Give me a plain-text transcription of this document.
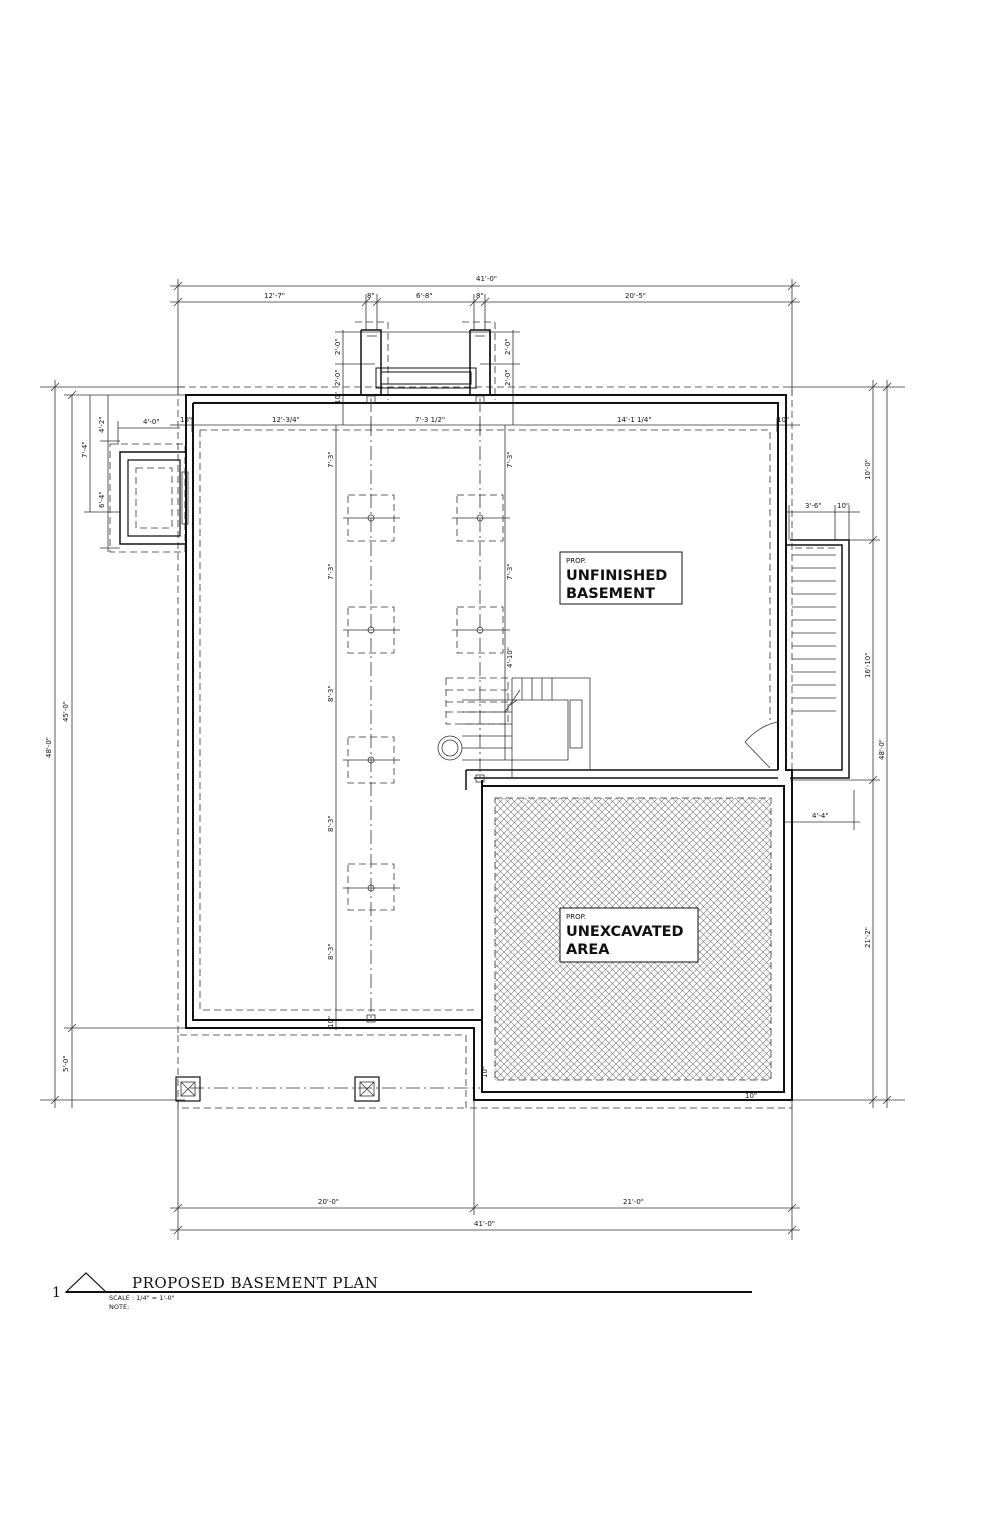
PROP.
UNFINISHED
BASEMENT
PROP.
UNEXCAVATED
AREA
41'-0"
12'-7"	8"	6'-8"	8"	20'-5"
2'-0"
2'-0"
2'-0"
2'-0"
10"
10"	12'-3/4"	7'-3 1/2"	14'-1 1/4"	10"
48'-0"
45'-0"
5'-0"
7'-4"
4'-2"
6'-4"
4'-0"
7'-3"
7'-3"
8'-3"
8'-3"
8'-3"
10"
7'-3"
7'-3"
4'-10"
3'-6" 10"
48'-0"
10'-0"
16'-10"
21'-2"
4'-4"
10"
10"
20'-0"	21'-0"
41'-0"
1
PROPOSED BASEMENT PLAN
SCALE : 1/4" = 1'-0"
NOTE:
